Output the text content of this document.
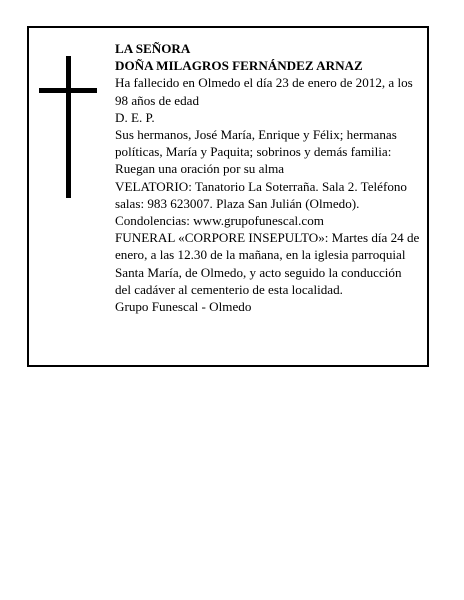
LA SEÑORA

DOÑA MILAGROS FERNÁNDEZ ARNAZ

Ha fallecido en Olmedo el día 23 de enero de 2012, a los 98 años de edad

D. E. P.

Sus hermanos, José María, Enrique y Félix; hermanas políticas, María y Paquita; sobrinos y demás familia:

Ruegan una oración por su alma

VELATORIO: Tanatorio La Soterraña. Sala 2. Teléfono salas: 983 623007. Plaza San Julián (Olmedo). Condolencias: www.grupofunescal.com

FUNERAL «CORPORE INSEPULTO»: Martes día 24 de enero, a las 12.30 de la mañana, en la iglesia parroquial Santa María, de Olmedo, y acto seguido la conducción del cadáver al cementerio de esta localidad.

Grupo Funescal - Olmedo
